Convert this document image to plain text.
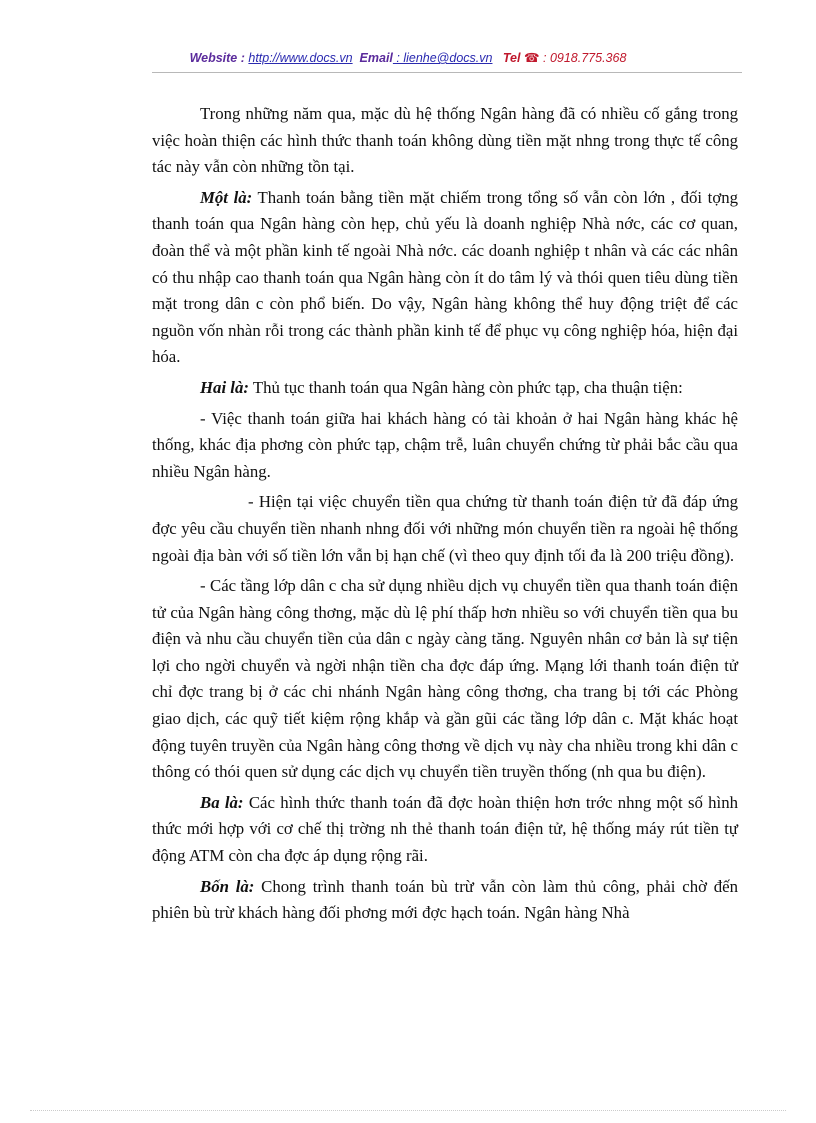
Website : http://www.docs.vn Email : lienhe@docs.vn Tel ☎ : 0918.775.368

Trong những năm qua, mặc dù hệ thống Ngân hàng đã có nhiều cố gắng trong việc hoàn thiện các hình thức thanh toán không dùng tiền mặt nhng trong thực tế công tác này vẫn còn những tồn tại.

Một là: Thanh toán bằng tiền mặt chiếm trong tổng số vẫn còn lớn , đối tợng thanh toán qua Ngân hàng còn hẹp, chủ yếu là doanh nghiệp Nhà nớc, các cơ quan, đoàn thể và một phần kinh tế ngoài Nhà nớc. các doanh nghiệp t nhân và các các nhân có thu nhập cao thanh toán qua Ngân hàng còn ít do tâm lý và thói quen tiêu dùng tiền mặt trong dân c còn phổ biến. Do vậy, Ngân hàng không thể huy động triệt để các nguồn vốn nhàn rỗi trong các thành phần kinh tế để phục vụ công nghiệp hóa, hiện đại hóa.

Hai là: Thủ tục thanh toán qua Ngân hàng còn phức tạp, cha thuận tiện:

- Việc thanh toán giữa hai khách hàng có tài khoản ở hai Ngân hàng khác hệ thống, khác địa phơng còn phức tạp, chậm trễ, luân chuyển chứng từ phải bắc cầu qua nhiều Ngân hàng.

- Hiện tại việc chuyển tiền qua chứng từ thanh toán điện tử đã đáp ứng đợc yêu cầu chuyển tiền nhanh nhng đối với những món chuyển tiền ra ngoài hệ thống ngoài địa bàn với số tiền lớn vẫn bị hạn chế (vì theo quy định tối đa là 200 triệu đồng).

- Các tầng lớp dân c cha sử dụng nhiều dịch vụ chuyển tiền qua thanh toán điện tử của Ngân hàng công thơng, mặc dù lệ phí thấp hơn nhiều so với chuyển tiền qua bu điện và nhu cầu chuyển tiền của dân c ngày càng tăng. Nguyên nhân cơ bản là sự tiện lợi cho ngời chuyển và ngời nhận tiền cha đợc đáp ứng. Mạng lới thanh toán điện tử chỉ đợc trang bị ở các chi nhánh Ngân hàng công thơng, cha trang bị tới các Phòng giao dịch, các quỹ tiết kiệm rộng khắp và gần gũi các tầng lớp dân c. Mặt khác hoạt động tuyên truyền của Ngân hàng công thơng về dịch vụ này cha nhiều trong khi dân c thông có thói quen sử dụng các dịch vụ chuyển tiền truyền thống (nh qua bu điện).

Ba là: Các hình thức thanh toán đã đợc hoàn thiện hơn trớc nhng một số hình thức mới hợp với cơ chế thị trờng nh thẻ thanh toán điện tử, hệ thống máy rút tiền tự động ATM còn cha đợc áp dụng rộng rãi.

Bốn là: Chong trình thanh toán bù trừ vẫn còn làm thủ công, phải chờ đến phiên bù trừ khách hàng đối phơng mới đợc hạch toán. Ngân hàng Nhà
